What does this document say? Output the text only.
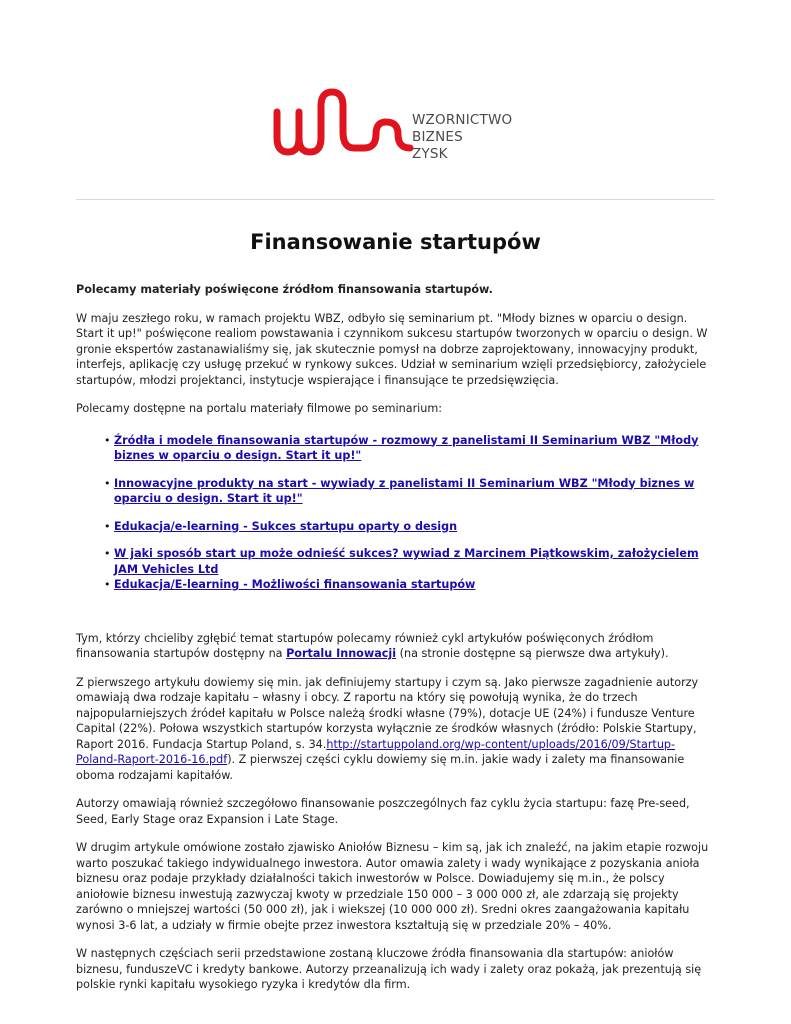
WZORNICTWO
BIZNES
ZYSK
Finansowanie startupów

Polecamy materiały poświęcone źródłom finansowania startupów.

W maju zeszłego roku, w ramach projektu WBZ, odbyło się seminarium pt. "Młody biznes w oparciu o design. Start it up!" poświęcone realiom powstawania i czynnikom sukcesu startupów tworzonych w oparciu o design. W gronie ekspertów zastanawialiśmy się, jak skutecznie pomysł na dobrze zaprojektowany, innowacyjny produkt, interfejs, aplikację czy usługę przekuć w rynkowy sukces. Udział w seminarium wzięli przedsiębiorcy, założyciele startupów, młodzi projektanci, instytucje wspierające i finansujące te przedsięwzięcia.

Polecamy dostępne na portalu materiały filmowe po seminarium:

• Źródła i modele finansowania startupów - rozmowy z panelistami II Seminarium WBZ "Młody biznes w oparciu o design. Start it up!"
• Innowacyjne produkty na start - wywiady z panelistami II Seminarium WBZ "Młody biznes w oparciu o design. Start it up!"
• Edukacja/e-learning - Sukces startupu oparty o design
• W jaki sposób start up może odnieść sukces? wywiad z Marcinem Piątkowskim, założycielem JAM Vehicles Ltd
• Edukacja/E-learning - Możliwości finansowania startupów

Tym, którzy chcieliby zgłębić temat startupów polecamy również cykl artykułów poświęconych źródłom finansowania startupów dostępny na Portalu Innowacji (na stronie dostępne są pierwsze dwa artykuły).

Z pierwszego artykułu dowiemy się min. jak definiujemy startupy i czym są. Jako pierwsze zagadnienie autorzy omawiają dwa rodzaje kapitału – własny i obcy. Z raportu na który się powołują wynika, że do trzech najpopularniejszych źródeł kapitału w Polsce należą środki własne (79%), dotacje UE (24%) i fundusze Venture Capital (22%). Połowa wszystkich startupów korzysta wyłącznie ze środków własnych (źródło: Polskie Startupy, Raport 2016. Fundacja Startup Poland, s. 34.http://startuppoland.org/wp-content/uploads/2016/09/Startup-Poland-Raport-2016-16.pdf). Z pierwszej części cyklu dowiemy się m.in. jakie wady i zalety ma finansowanie oboma rodzajami kapitałów.

Autorzy omawiają również szczegółowo finansowanie poszczególnych faz cyklu życia startupu: fazę Pre-seed, Seed, Early Stage oraz Expansion i Late Stage.

W drugim artykule omówione zostało zjawisko Aniołów Biznesu – kim są, jak ich znaleźć, na jakim etapie rozwoju warto poszukać takiego indywidualnego inwestora. Autor omawia zalety i wady wynikające z pozyskania anioła biznesu oraz podaje przykłady działalności takich inwestorów w Polsce. Dowiadujemy się m.in., że polscy aniołowie biznesu inwestują zazwyczaj kwoty w przedziale 150 000 – 3 000 000 zł, ale zdarzają się projekty zarówno o mniejszej wartości (50 000 zł), jak i wiekszej (10 000 000 zł). Sredni okres zaangażowania kapitału wynosi 3-6 lat, a udziały w firmie obejte przez inwestora kształtują się w przedziale 20% – 40%.

W następnych częściach serii przedstawione zostaną kluczowe źródła finansowania dla startupów: aniołów biznesu, funduszeVC i kredyty bankowe. Autorzy przeanalizują ich wady i zalety oraz pokażą, jak prezentują się polskie rynki kapitału wysokiego ryzyka i kredytów dla firm.
